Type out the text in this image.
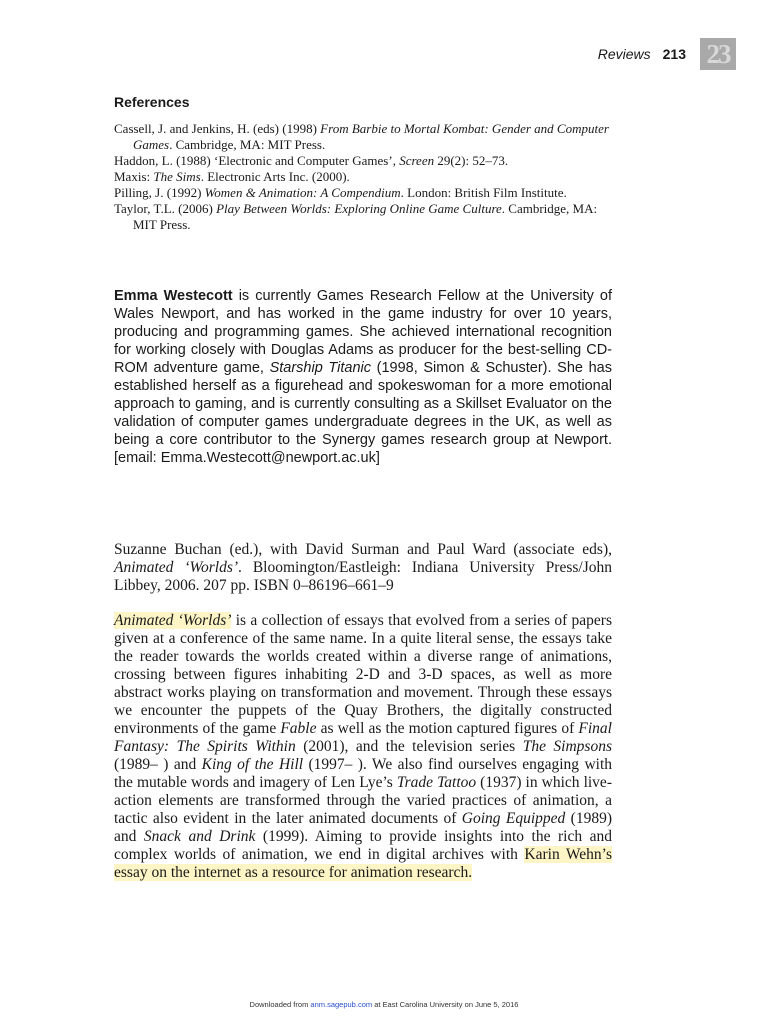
Reviews 213 23
References
Cassell, J. and Jenkins, H. (eds) (1998) From Barbie to Mortal Kombat: Gender and Computer Games. Cambridge, MA: MIT Press.
Haddon, L. (1988) ‘Electronic and Computer Games’, Screen 29(2): 52–73.
Maxis: The Sims. Electronic Arts Inc. (2000).
Pilling, J. (1992) Women & Animation: A Compendium. London: British Film Institute.
Taylor, T.L. (2006) Play Between Worlds: Exploring Online Game Culture. Cambridge, MA: MIT Press.

Emma Westecott is currently Games Research Fellow at the University of Wales Newport, and has worked in the game industry for over 10 years, producing and programming games. She achieved international recognition for working closely with Douglas Adams as producer for the best-selling CD-ROM adventure game, Starship Titanic (1998, Simon & Schuster). She has established herself as a figurehead and spokeswoman for a more emotional approach to gaming, and is currently consulting as a Skillset Evaluator on the validation of computer games undergraduate degrees in the UK, as well as being a core contributor to the Synergy games research group at Newport. [email: Emma.Westecott@newport.ac.uk]

Suzanne Buchan (ed.), with David Surman and Paul Ward (associate eds), Animated ‘Worlds’. Bloomington/Eastleigh: Indiana University Press/John Libbey, 2006. 207 pp. ISBN 0–86196–661–9

Animated ‘Worlds’ is a collection of essays that evolved from a series of papers given at a conference of the same name. In a quite literal sense, the essays take the reader towards the worlds created within a diverse range of animations, crossing between figures inhabiting 2-D and 3-D spaces, as well as more abstract works playing on transformation and movement. Through these essays we encounter the puppets of the Quay Brothers, the digitally constructed environments of the game Fable as well as the motion captured figures of Final Fantasy: The Spirits Within (2001), and the television series The Simpsons (1989– ) and King of the Hill (1997– ). We also find ourselves engaging with the mutable words and imagery of Len Lye’s Trade Tattoo (1937) in which live-action elements are transformed through the varied practices of animation, a tactic also evident in the later animated documents of Going Equipped (1989) and Snack and Drink (1999). Aiming to provide insights into the rich and complex worlds of animation, we end in digital archives with Karin Wehn’s essay on the internet as a resource for animation research.

Downloaded from anm.sagepub.com at East Carolina University on June 5, 2016
